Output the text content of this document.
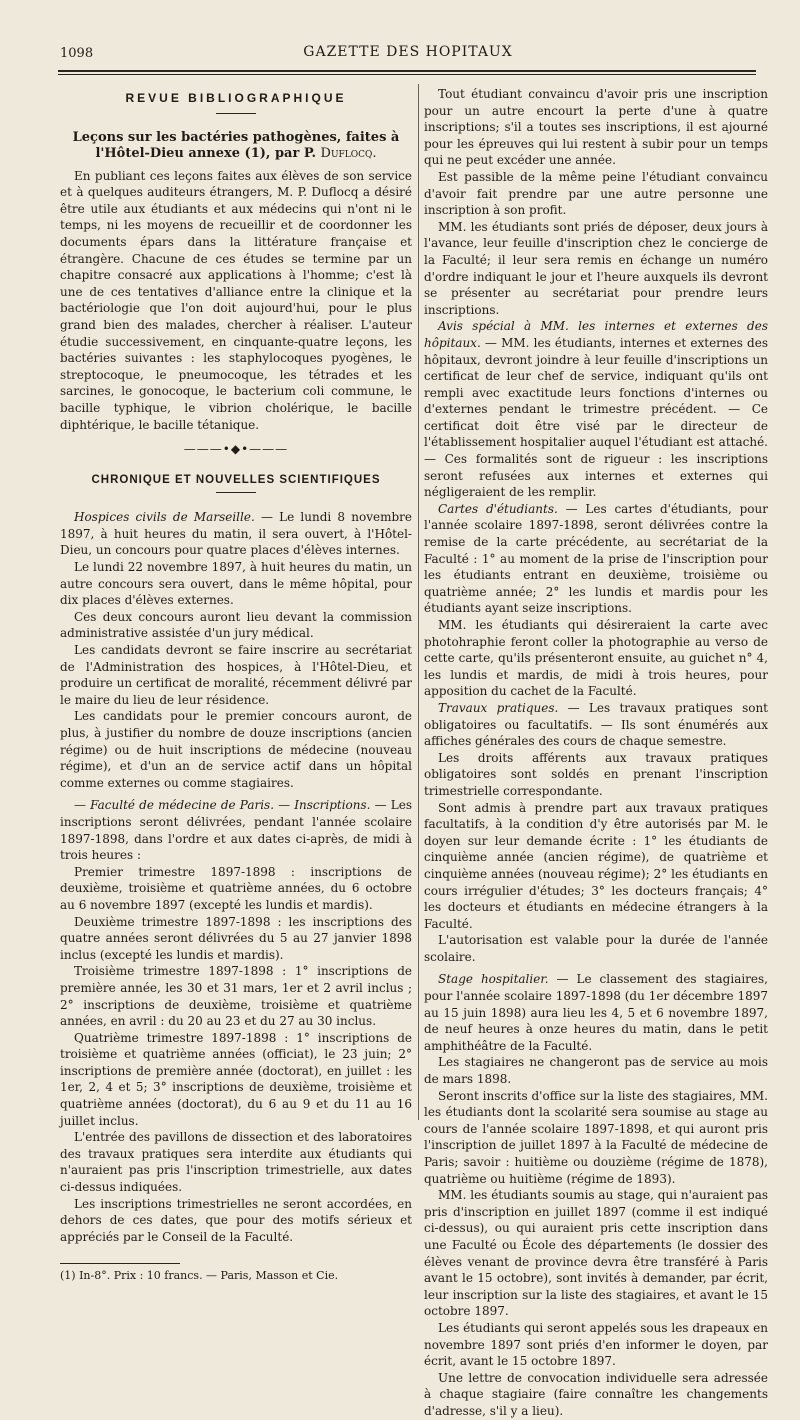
1098	GAZETTE DES HOPITAUX
REVUE BIBLIOGRAPHIQUE
Leçons sur les bactéries pathogènes, faites à l'Hôtel-Dieu annexe (1), par P. Duflocq.

En publiant ces leçons faites aux élèves de son service et à quelques auditeurs étrangers, M. P. Duflocq a désiré être utile aux étudiants et aux médecins qui n'ont ni le temps, ni les moyens de recueillir et de coordonner les documents épars dans la littérature française et étrangère. Chacune de ces études se termine par un chapitre consacré aux applications à l'homme; c'est là une de ces tentatives d'alliance entre la clinique et la bactériologie que l'on doit aujourd'hui, pour le plus grand bien des malades, chercher à réaliser. L'auteur étudie successivement, en cinquante-quatre leçons, les bactéries suivantes : les staphylocoques pyogènes, le streptocoque, le pneumocoque, les tétrades et les sarcines, le gonocoque, le bacterium coli commune, le bacille typhique, le vibrion cholérique, le bacille diphtérique, le bacille tétanique.

———•◆•———
CHRONIQUE ET NOUVELLES SCIENTIFIQUES

Hospices civils de Marseille. — Le lundi 8 novembre 1897, à huit heures du matin, il sera ouvert, à l'Hôtel-Dieu, un concours pour quatre places d'élèves internes.

Le lundi 22 novembre 1897, à huit heures du matin, un autre concours sera ouvert, dans le même hôpital, pour dix places d'élèves externes.

Ces deux concours auront lieu devant la commission administrative assistée d'un jury médical.

Les candidats devront se faire inscrire au secrétariat de l'Administration des hospices, à l'Hôtel-Dieu, et produire un certificat de moralité, récemment délivré par le maire du lieu de leur résidence.

Les candidats pour le premier concours auront, de plus, à justifier du nombre de douze inscriptions (ancien régime) ou de huit inscriptions de médecine (nouveau régime), et d'un an de service actif dans un hôpital comme externes ou comme stagiaires.

— Faculté de médecine de Paris. — Inscriptions. — Les inscriptions seront délivrées, pendant l'année scolaire 1897-1898, dans l'ordre et aux dates ci-après, de midi à trois heures :

Premier trimestre 1897-1898 : inscriptions de deuxième, troisième et quatrième années, du 6 octobre au 6 novembre 1897 (excepté les lundis et mardis).

Deuxième trimestre 1897-1898 : les inscriptions des quatre années seront délivrées du 5 au 27 janvier 1898 inclus (excepté les lundis et mardis).

Troisième trimestre 1897-1898 : 1° inscriptions de première année, les 30 et 31 mars, 1er et 2 avril inclus ; 2° inscriptions de deuxième, troisième et quatrième années, en avril : du 20 au 23 et du 27 au 30 inclus.

Quatrième trimestre 1897-1898 : 1° inscriptions de troisième et quatrième années (officiat), le 23 juin; 2° inscriptions de première année (doctorat), en juillet : les 1er, 2, 4 et 5; 3° inscriptions de deuxième, troisième et quatrième années (doctorat), du 6 au 9 et du 11 au 16 juillet inclus.

L'entrée des pavillons de dissection et des laboratoires des travaux pratiques sera interdite aux étudiants qui n'auraient pas pris l'inscription trimestrielle, aux dates ci-dessus indiquées.

Les inscriptions trimestrielles ne seront accordées, en dehors de ces dates, que pour des motifs sérieux et appréciés par le Conseil de la Faculté.

(1) In-8°. Prix : 10 francs. — Paris, Masson et Cie.

Tout étudiant convaincu d'avoir pris une inscription pour un autre encourt la perte d'une à quatre inscriptions; s'il a toutes ses inscriptions, il est ajourné pour les épreuves qui lui restent à subir pour un temps qui ne peut excéder une année.

Est passible de la même peine l'étudiant convaincu d'avoir fait prendre par une autre personne une inscription à son profit.

MM. les étudiants sont priés de déposer, deux jours à l'avance, leur feuille d'inscription chez le concierge de la Faculté; il leur sera remis en échange un numéro d'ordre indiquant le jour et l'heure auxquels ils devront se présenter au secrétariat pour prendre leurs inscriptions.

Avis spécial à MM. les internes et externes des hôpitaux. — MM. les étudiants, internes et externes des hôpitaux, devront joindre à leur feuille d'inscriptions un certificat de leur chef de service, indiquant qu'ils ont rempli avec exactitude leurs fonctions d'internes ou d'externes pendant le trimestre précédent. — Ce certificat doit être visé par le directeur de l'établissement hospitalier auquel l'étudiant est attaché. — Ces formalités sont de rigueur : les inscriptions seront refusées aux internes et externes qui négligeraient de les remplir.

Cartes d'étudiants. — Les cartes d'étudiants, pour l'année scolaire 1897-1898, seront délivrées contre la remise de la carte précédente, au secrétariat de la Faculté : 1° au moment de la prise de l'inscription pour les étudiants entrant en deuxième, troisième ou quatrième année; 2° les lundis et mardis pour les étudiants ayant seize inscriptions.

MM. les étudiants qui désireraient la carte avec photohraphie feront coller la photographie au verso de cette carte, qu'ils présenteront ensuite, au guichet n° 4, les lundis et mardis, de midi à trois heures, pour apposition du cachet de la Faculté.

Travaux pratiques. — Les travaux pratiques sont obligatoires ou facultatifs. — Ils sont énumérés aux affiches générales des cours de chaque semestre.

Les droits afférents aux travaux pratiques obligatoires sont soldés en prenant l'inscription trimestrielle correspondante.

Sont admis à prendre part aux travaux pratiques facultatifs, à la condition d'y être autorisés par M. le doyen sur leur demande écrite : 1° les étudiants de cinquième année (ancien régime), de quatrième et cinquième années (nouveau régime); 2° les étudiants en cours irrégulier d'études; 3° les docteurs français; 4° les docteurs et étudiants en médecine étrangers à la Faculté.

L'autorisation est valable pour la durée de l'année scolaire.

Stage hospitalier. — Le classement des stagiaires, pour l'année scolaire 1897-1898 (du 1er décembre 1897 au 15 juin 1898) aura lieu les 4, 5 et 6 novembre 1897, de neuf heures à onze heures du matin, dans le petit amphithéâtre de la Faculté.

Les stagiaires ne changeront pas de service au mois de mars 1898.

Seront inscrits d'office sur la liste des stagiaires, MM. les étudiants dont la scolarité sera soumise au stage au cours de l'année scolaire 1897-1898, et qui auront pris l'inscription de juillet 1897 à la Faculté de médecine de Paris; savoir : huitième ou douzième (régime de 1878), quatrième ou huitième (régime de 1893).

MM. les étudiants soumis au stage, qui n'auraient pas pris d'inscription en juillet 1897 (comme il est indiqué ci-dessus), ou qui auraient pris cette inscription dans une Faculté ou École des départements (le dossier des élèves venant de province devra être transféré à Paris avant le 15 octobre), sont invités à demander, par écrit, leur inscription sur la liste des stagiaires, et avant le 15 octobre 1897.

Les étudiants qui seront appelés sous les drapeaux en novembre 1897 sont priés d'en informer le doyen, par écrit, avant le 15 octobre 1897.

Une lettre de convocation individuelle sera adressée à chaque stagiaire (faire connaître les changements d'adresse, s'il y a lieu).
